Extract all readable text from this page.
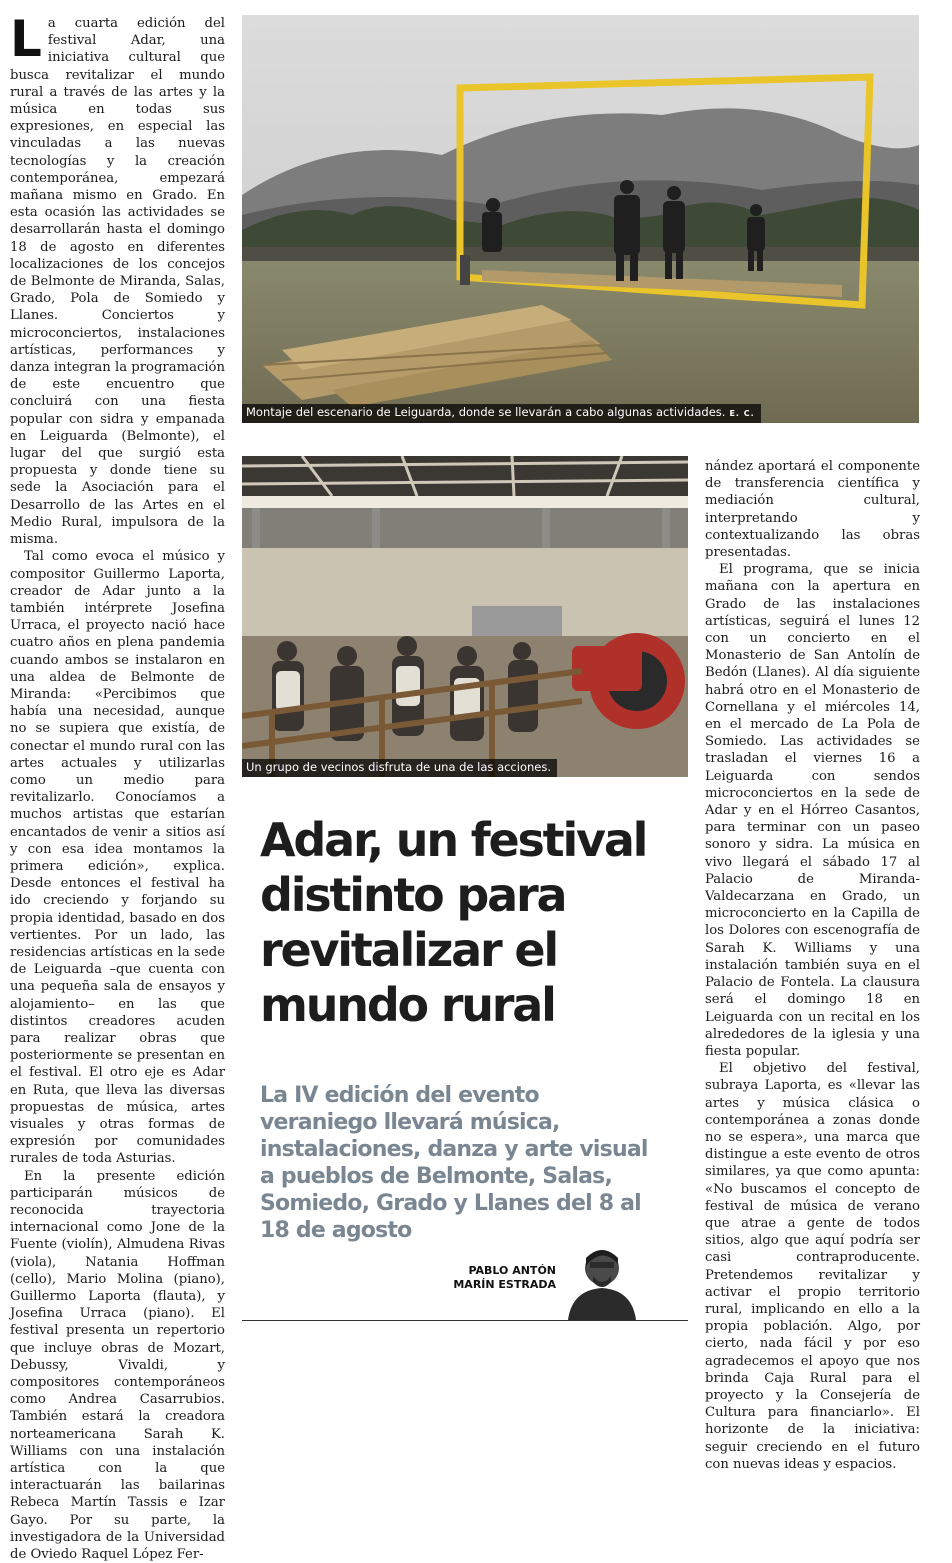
La cuarta edición del festival Adar, una iniciativa cultural que busca revitalizar el mundo rural a través de las artes y la música en todas sus expresiones, en especial las vinculadas a las nuevas tecnologías y la creación contemporánea, empezará mañana mismo en Grado. En esta ocasión las actividades se desarrollarán hasta el domingo 18 de agosto en diferentes localizaciones de los concejos de Belmonte de Miranda, Salas, Grado, Pola de Somiedo y Llanes. Conciertos y microconciertos, instalaciones artísticas, performances y danza integran la programación de este encuentro que concluirá con una fiesta popular con sidra y empanada en Leiguarda (Belmonte), el lugar del que surgió esta propuesta y donde tiene su sede la Asociación para el Desarrollo de las Artes en el Medio Rural, impulsora de la misma.

Tal como evoca el músico y compositor Guillermo Laporta, creador de Adar junto a la también intérprete Josefina Urraca, el proyecto nació hace cuatro años en plena pandemia cuando ambos se instalaron en una aldea de Belmonte de Miranda: «Percibimos que había una necesidad, aunque no se supiera que existía, de conectar el mundo rural con las artes actuales y utilizarlas como un medio para revitalizarlo. Conocíamos a muchos artistas que estarían encantados de venir a sitios así y con esa idea montamos la primera edición», explica. Desde entonces el festival ha ido creciendo y forjando su propia identidad, basado en dos vertientes. Por un lado, las residencias artísticas en la sede de Leiguarda –que cuenta con una pequeña sala de ensayos y alojamiento– en las que distintos creadores acuden para realizar obras que posteriormente se presentan en el festival. El otro eje es Adar en Ruta, que lleva las diversas propuestas de música, artes visuales y otras formas de expresión por comunidades rurales de toda Asturias.

En la presente edición participarán músicos de reconocida trayectoria internacional como Jone de la Fuente (violín), Almudena Rivas (viola), Natania Hoffman (cello), Mario Molina (piano), Guillermo Laporta (flauta), y Josefina Urraca (piano). El festival presenta un repertorio que incluye obras de Mozart, Debussy, Vivaldi, y compositores contemporáneos como Andrea Casarrubios. También estará la creadora norteamericana Sarah K. Williams con una instalación artística con la que interactuarán las bailarinas Rebeca Martín Tassis e Izar Gayo. Por su parte, la investigadora de la Universidad de Oviedo Raquel López Fer-

Montaje del escenario de Leiguarda, donde se llevarán a cabo algunas actividades. E. C.
Un grupo de vecinos disfruta de una de las acciones.
Adar, un festival distinto para revitalizar el mundo rural
La IV edición del evento veraniego llevará música, instalaciones, danza y arte visual a pueblos de Belmonte, Salas, Somiedo, Grado y Llanes del 8 al 18 de agosto
PABLO ANTÓN
MARÍN ESTRADA

nández aportará el componente de transferencia científica y mediación cultural, interpretando y contextualizando las obras presentadas.

El programa, que se inicia mañana con la apertura en Grado de las instalaciones artísticas, seguirá el lunes 12 con un concierto en el Monasterio de San Antolín de Bedón (Llanes). Al día siguiente habrá otro en el Monasterio de Cornellana y el miércoles 14, en el mercado de La Pola de Somiedo. Las actividades se trasladan el viernes 16 a Leiguarda con sendos microconciertos en la sede de Adar y en el Hórreo Casantos, para terminar con un paseo sonoro y sidra. La música en vivo llegará el sábado 17 al Palacio de Miranda-Valdecarzana en Grado, un microconcierto en la Capilla de los Dolores con escenografía de Sarah K. Williams y una instalación también suya en el Palacio de Fontela. La clausura será el domingo 18 en Leiguarda con un recital en los alrededores de la iglesia y una fiesta popular.

El objetivo del festival, subraya Laporta, es «llevar las artes y música clásica o contemporánea a zonas donde no se espera», una marca que distingue a este evento de otros similares, ya que como apunta: «No buscamos el concepto de festival de música de verano que atrae a gente de todos sitios, algo que aquí podría ser casi contraproducente. Pretendemos revitalizar y activar el propio territorio rural, implicando en ello a la propia población. Algo, por cierto, nada fácil y por eso agradecemos el apoyo que nos brinda Caja Rural para el proyecto y la Consejería de Cultura para financiarlo». El horizonte de la iniciativa: seguir creciendo en el futuro con nuevas ideas y espacios.
